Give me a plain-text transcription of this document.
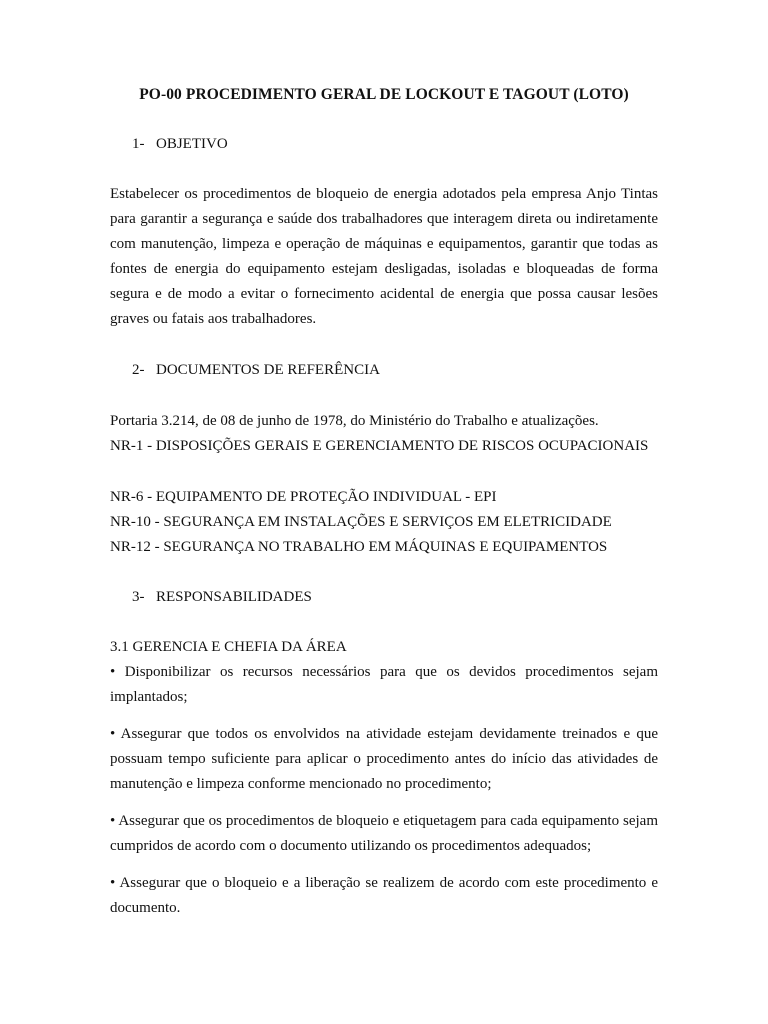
PO-00 PROCEDIMENTO GERAL DE LOCKOUT E TAGOUT (LOTO)
1- OBJETIVO
Estabelecer os procedimentos de bloqueio de energia adotados pela empresa Anjo Tintas para garantir a segurança e saúde dos trabalhadores que interagem direta ou indiretamente com manutenção, limpeza e operação de máquinas e equipamentos, garantir que todas as fontes de energia do equipamento estejam desligadas, isoladas e bloqueadas de forma segura e de modo a evitar o fornecimento acidental de energia que possa causar lesões graves ou fatais aos trabalhadores.
2- DOCUMENTOS DE REFERÊNCIA
Portaria 3.214, de 08 de junho de 1978, do Ministério do Trabalho e atualizações.
NR-1 - DISPOSIÇÕES GERAIS E GERENCIAMENTO DE RISCOS OCUPACIONAIS
NR-6 - EQUIPAMENTO DE PROTEÇÃO INDIVIDUAL - EPI
NR-10 - SEGURANÇA EM INSTALAÇÕES E SERVIÇOS EM ELETRICIDADE
NR-12 - SEGURANÇA NO TRABALHO EM MÁQUINAS E EQUIPAMENTOS
3- RESPONSABILIDADES
3.1 GERENCIA E CHEFIA DA ÁREA
• Disponibilizar os recursos necessários para que os devidos procedimentos sejam implantados;
• Assegurar que todos os envolvidos na atividade estejam devidamente treinados e que possuam tempo suficiente para aplicar o procedimento antes do início das atividades de manutenção e limpeza conforme mencionado no procedimento;
• Assegurar que os procedimentos de bloqueio e etiquetagem para cada equipamento sejam cumpridos de acordo com o documento utilizando os procedimentos adequados;
• Assegurar que o bloqueio e a liberação se realizem de acordo com este procedimento e documento.
